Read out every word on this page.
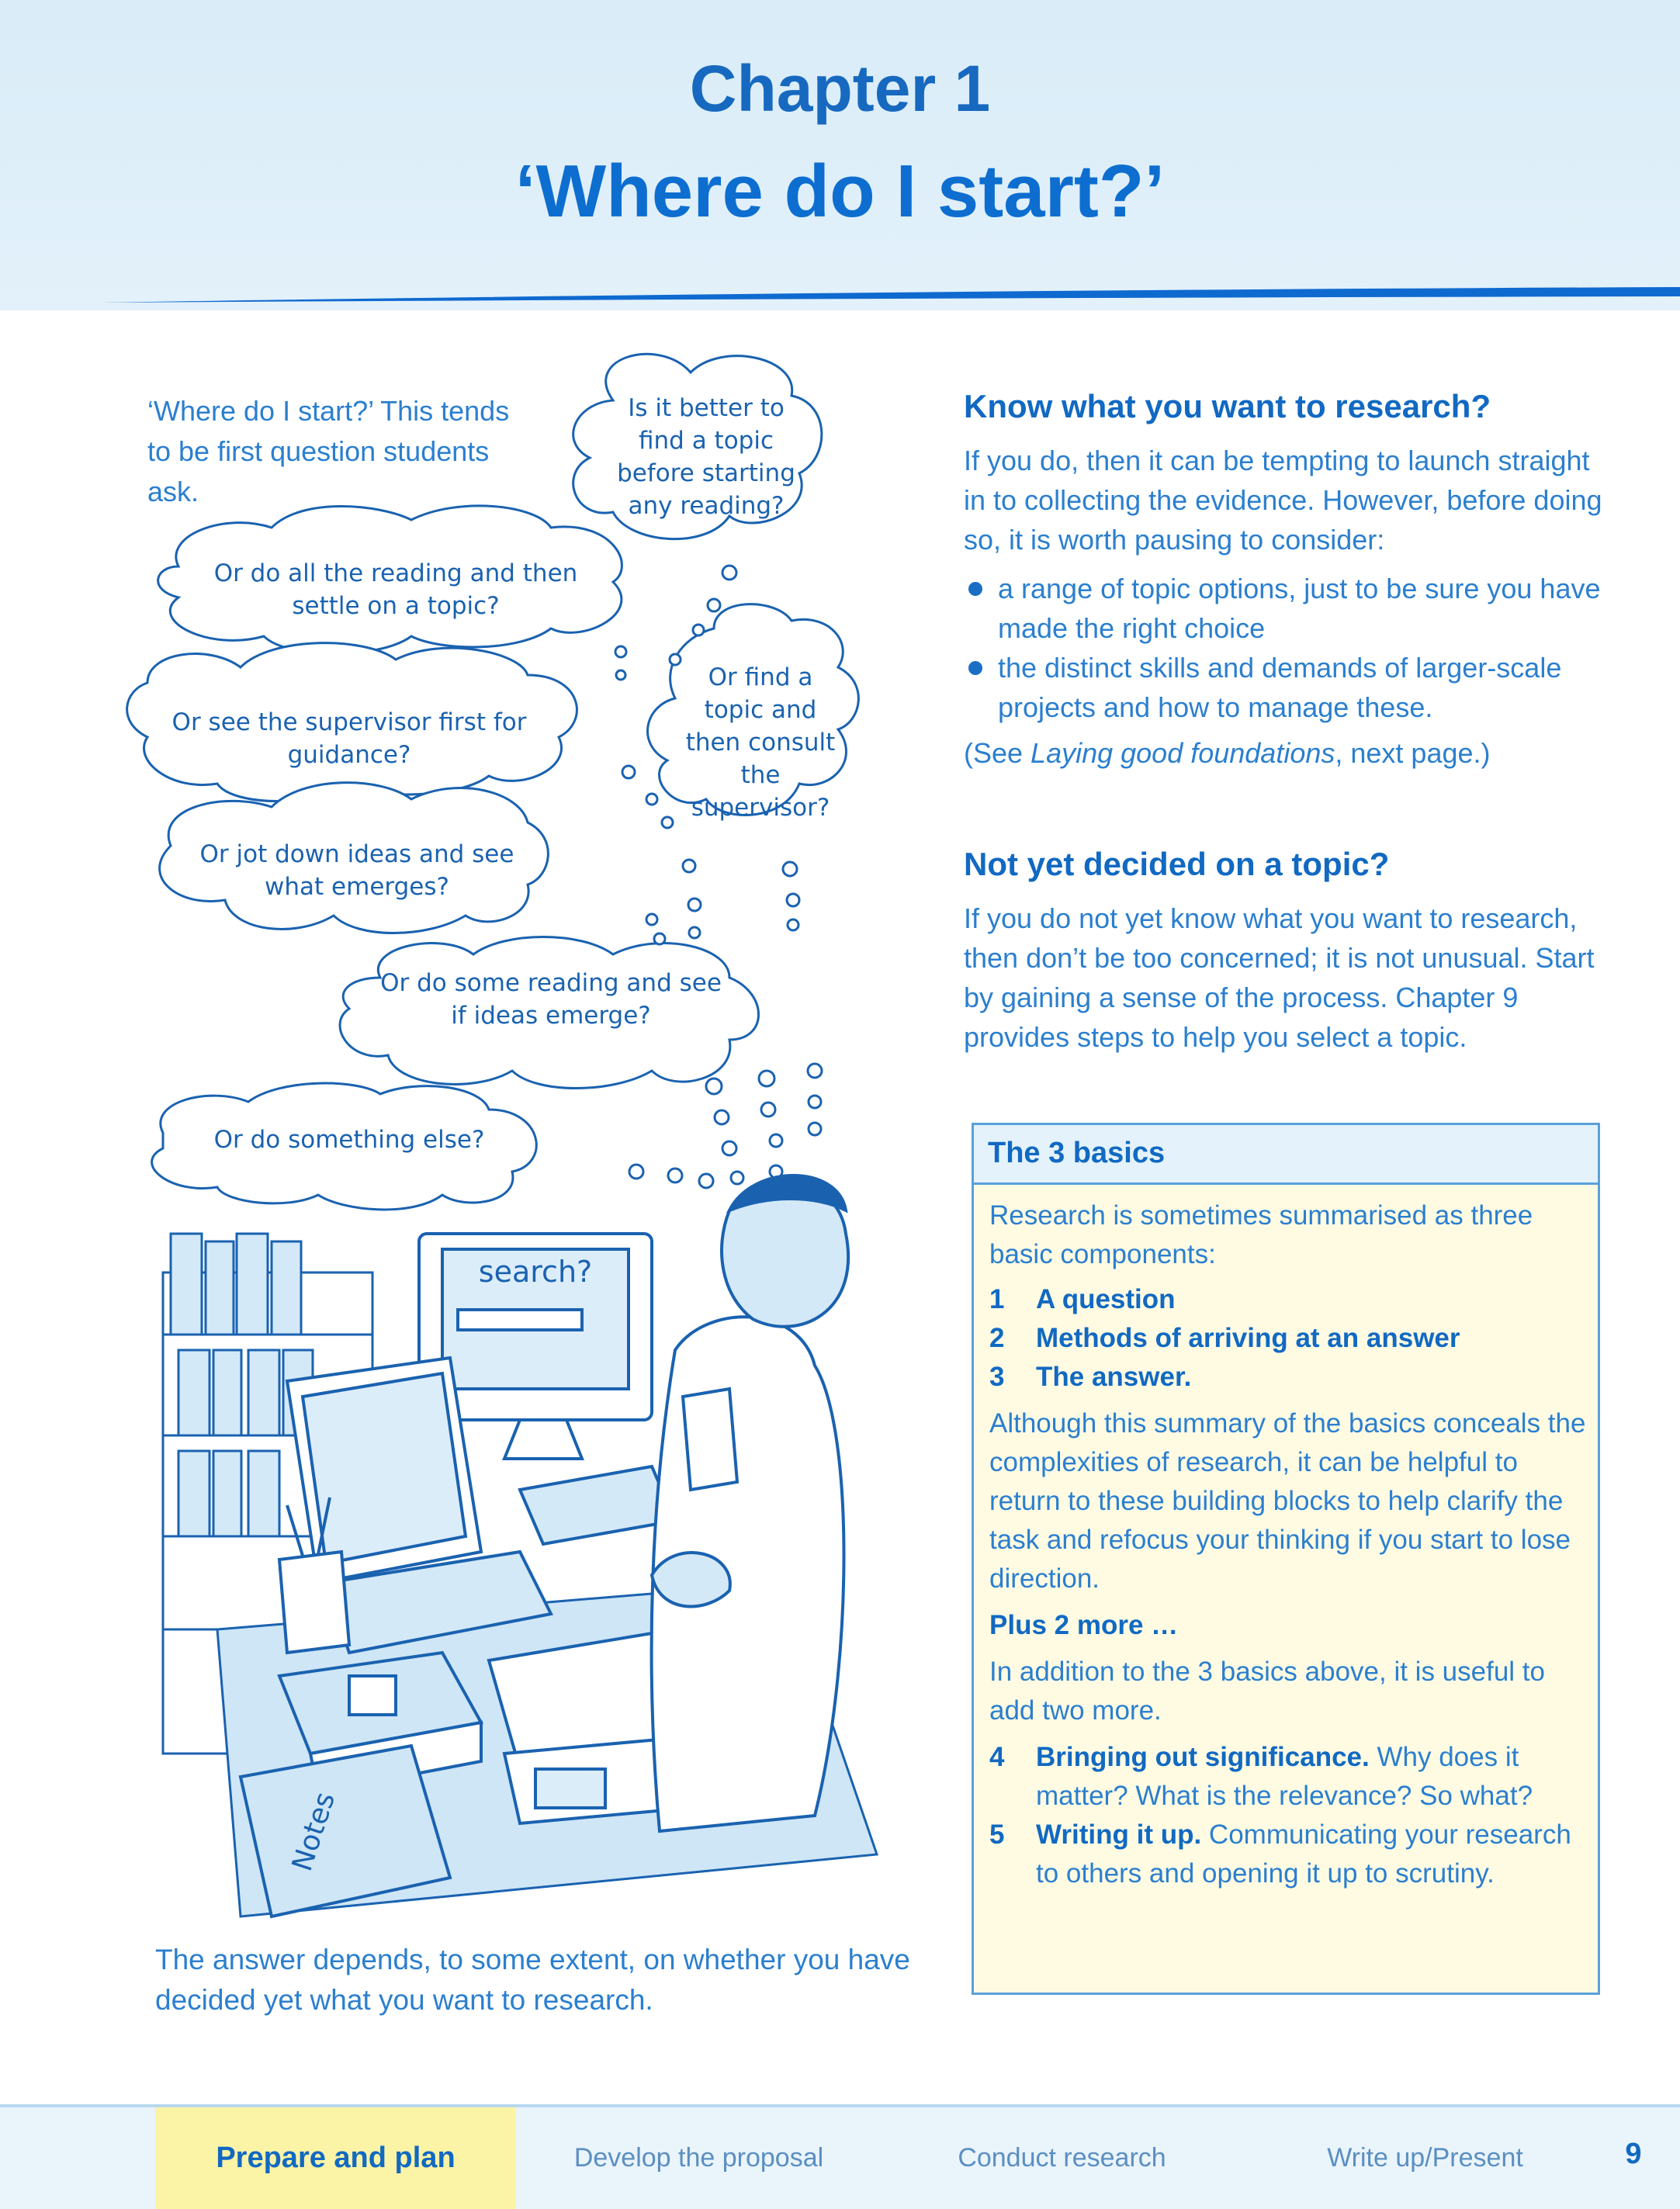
Chapter 1
‘Where do I start?’
‘Where do I start?’ This tends to be first question students ask.
Is it better to find a topic before starting any reading?
Or do all the reading and then settle on a topic?
Or find a topic and then consult the supervisor?
Or see the supervisor first for guidance?
Or jot down ideas and see what emerges?
Or do some reading and see if ideas emerge?
Or do something else?
search?
Notes
The answer depends, to some extent, on whether you have decided yet what you want to research.
Know what you want to research?
If you do, then it can be tempting to launch straight in to collecting the evidence. However, before doing so, it is worth pausing to consider:
a range of topic options, just to be sure you have made the right choice
the distinct skills and demands of larger-scale projects and how to manage these.
(See Laying good foundations, next page.)
Not yet decided on a topic?
If you do not yet know what you want to research, then don’t be too concerned; it is not unusual. Start by gaining a sense of the process. Chapter 9 provides steps to help you select a topic.
The 3 basics
Research is sometimes summarised as three basic components:
1 A question
2 Methods of arriving at an answer
3 The answer.
Although this summary of the basics conceals the complexities of research, it can be helpful to return to these building blocks to help clarify the task and refocus your thinking if you start to lose direction.
Plus 2 more …
In addition to the 3 basics above, it is useful to add two more.
4 Bringing out significance. Why does it matter? What is the relevance? So what?
5 Writing it up. Communicating your research to others and opening it up to scrutiny.
Prepare and plan	Develop the proposal	Conduct research	Write up/Present	9
